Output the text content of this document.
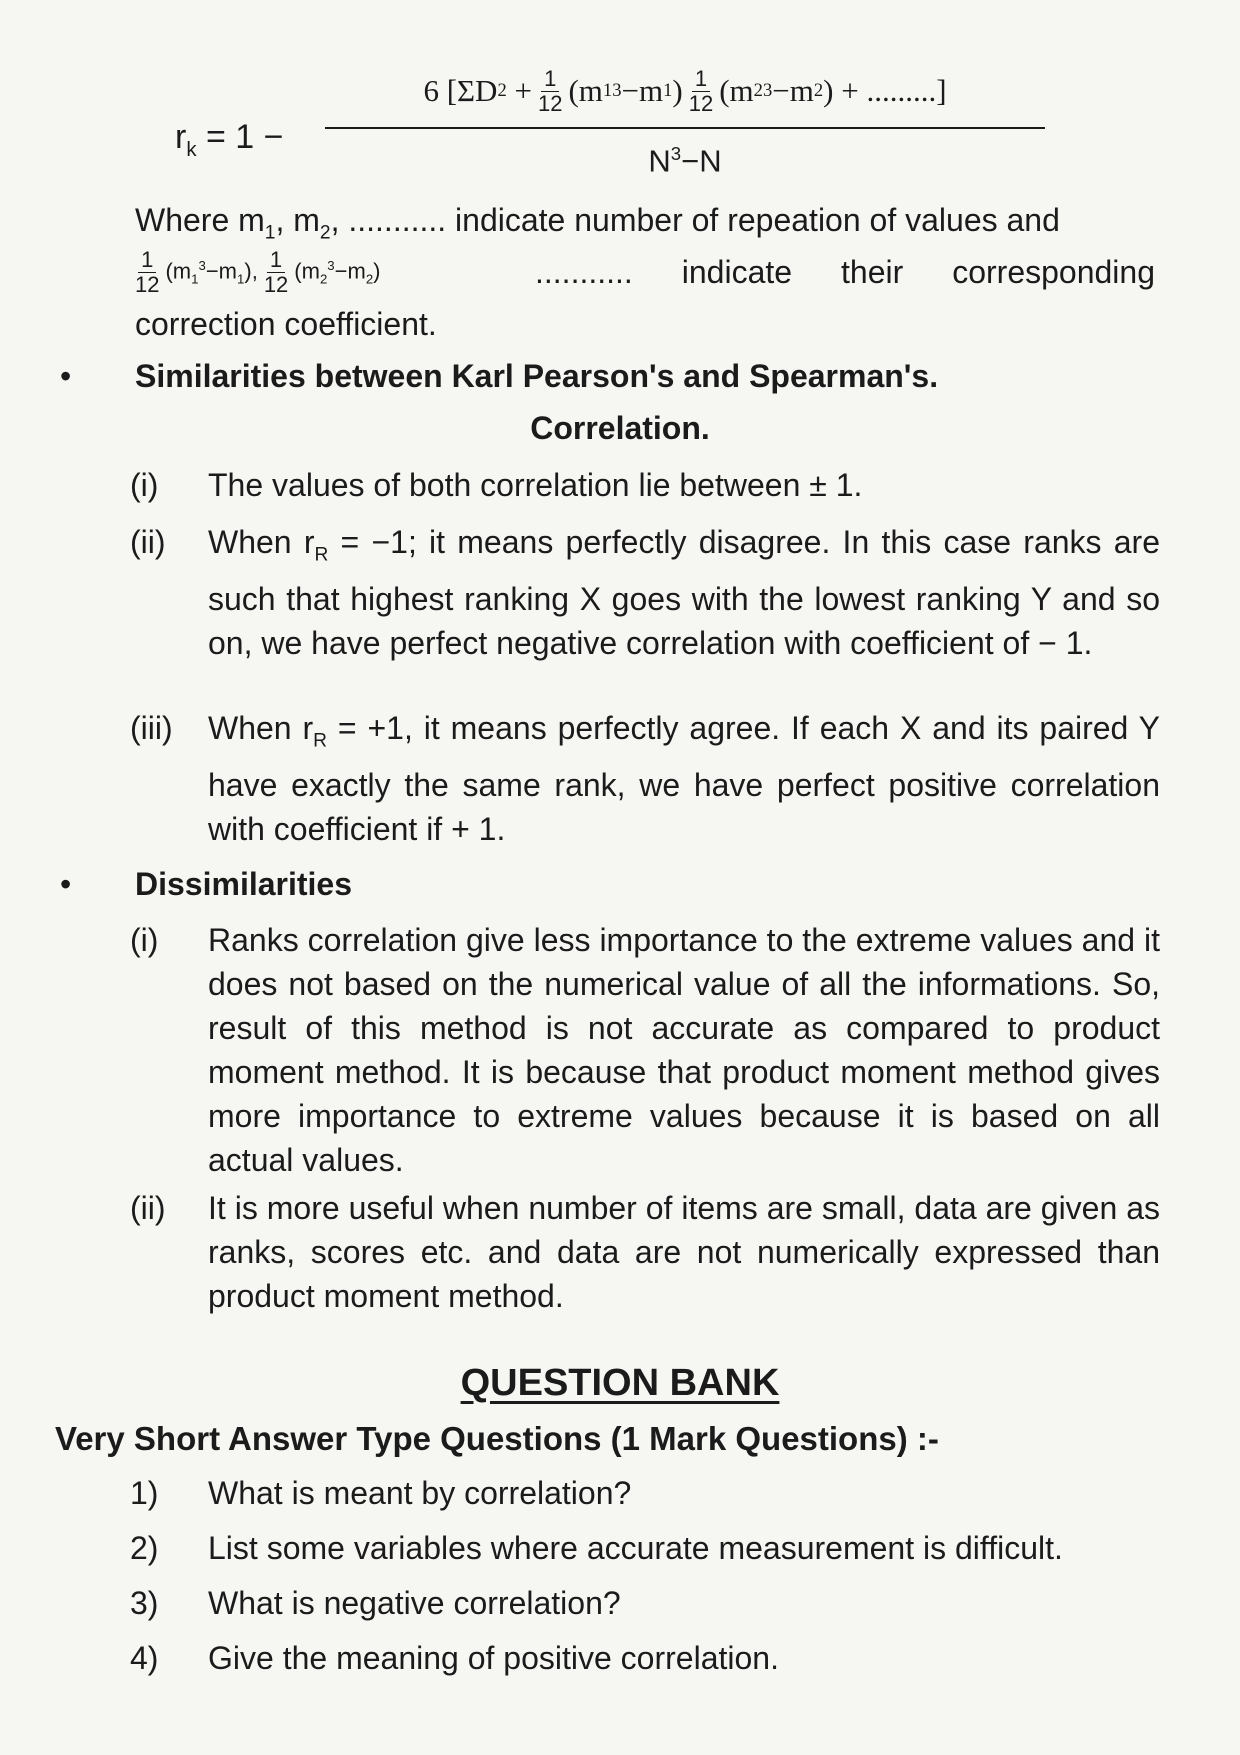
$r_k = 1$ −
6
[ΣD 2
+ $\frac{1}{12} (m$ 1 3 −m 1 ) 1
12 (m 2 3 −m 2 ) + .........]
$N^3-N$
Where $m_1$, $m_2$, ........... indicate number of repeation of values and
1
12
$(m_1^3-m_1)$, 1
12
$(m_2^3-m_2)$	........... indicate their corresponding
correction coefficient.
• Similarities between Karl Pearson's and Spearman's.
Correlation.
(i) The values of both correlation lie between ± 1.
(ii) When $r_R = -1$; it means perfectly disagree. In this case ranks are such that highest ranking X goes with the lowest ranking Y and so on, we have perfect negative correlation with coefficient of − 1.
(iii) When $r_R = +1$, it means perfectly agree. If each X and its paired Y have exactly the same rank, we have perfect positive correlation with coefficient if + 1.
• Dissimilarities
(i) Ranks correlation give less importance to the extreme values and it does not based on the numerical value of all the informations. So, result of this method is not accurate as compared to product moment method. It is because that product moment method gives more importance to extreme values because it is based on all actual values.
(ii) It is more useful when number of items are small, data are given as ranks, scores etc. and data are not numerically expressed than product moment method.
QUESTION BANK
Very Short Answer Type Questions (1 Mark Questions) :-
1) What is meant by correlation?
2) List some variables where accurate measurement is difficult.
3) What is negative correlation?
4) Give the meaning of positive correlation.
